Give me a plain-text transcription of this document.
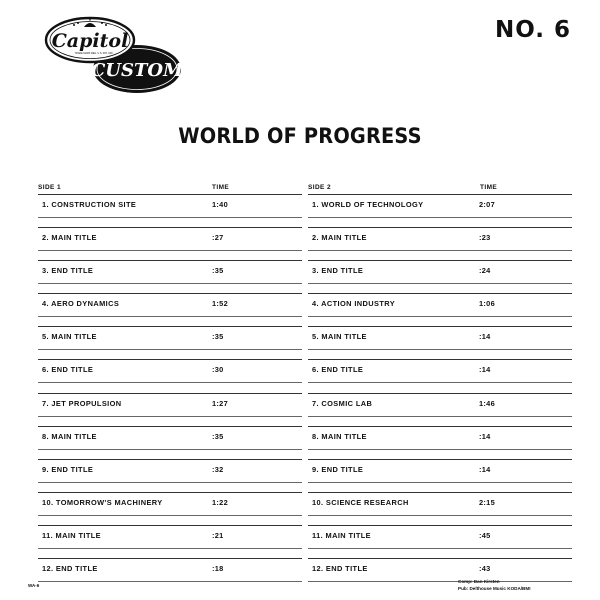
CUSTOM
Capitol
TRADE MARK REG. U.S. PAT. OFF.
NO. 6
WORLD OF PROGRESS
SIDE 1	TIME
1. CONSTRUCTION SITE	1:40
2. MAIN TITLE	:27
3. END TITLE	:35
4. AERO DYNAMICS	1:52
5. MAIN TITLE	:35
6. END TITLE	:30
7. JET PROPULSION	1:27
8. MAIN TITLE	:35
9. END TITLE	:32
10. TOMORROW'S MACHINERY	1:22
11. MAIN TITLE	:21
12. END TITLE	:18
SIDE 2	TIME
1. WORLD OF TECHNOLOGY	2:07
2. MAIN TITLE	:23
3. END TITLE	:24
4. ACTION INDUSTRY	1:06
5. MAIN TITLE	:14
6. END TITLE	:14
7. COSMIC LAB	1:46
8. MAIN TITLE	:14
9. END TITLE	:14
10. SCIENCE RESEARCH	2:15
11. MAIN TITLE	:45
12. END TITLE	:43
WA-6
Comp: Dan Kirsten
Pub: Delthouse Music KODA/BMI
